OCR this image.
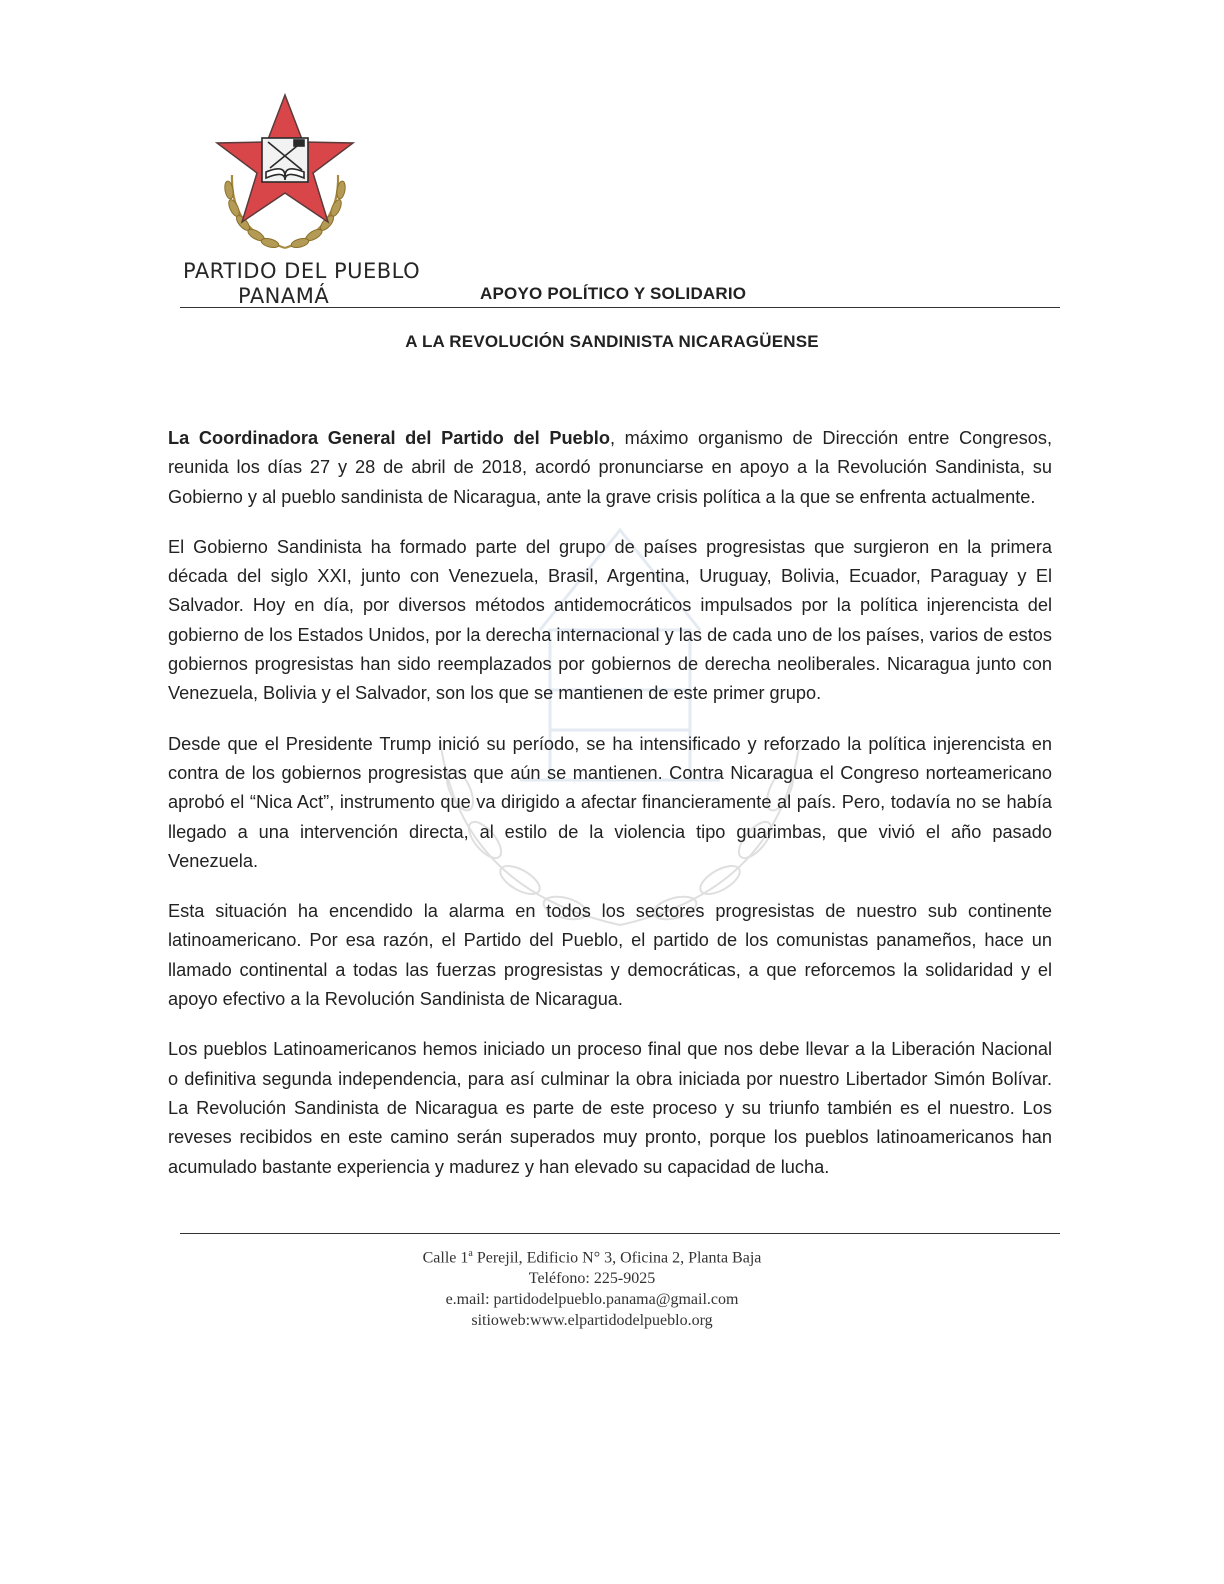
PARTIDO DEL PUEBLO
PANAMÁ	APOYO POLÍTICO Y SOLIDARIO
A LA REVOLUCIÓN SANDINISTA NICARAGÜENSE

La Coordinadora General del Partido del Pueblo, máximo organismo de Dirección entre Congresos, reunida los días 27 y 28 de abril de 2018, acordó pronunciarse en apoyo a la Revolución Sandinista, su Gobierno y al pueblo sandinista de Nicaragua, ante la grave crisis política a la que se enfrenta actualmente.

El Gobierno Sandinista ha formado parte del grupo de países progresistas que surgieron en la primera década del siglo XXI, junto con Venezuela, Brasil, Argentina, Uruguay, Bolivia, Ecuador, Paraguay y El Salvador. Hoy en día, por diversos métodos antidemocráticos impulsados por la política injerencista del gobierno de los Estados Unidos, por la derecha internacional y las de cada uno de los países, varios de estos gobiernos progresistas han sido reemplazados por gobiernos de derecha neoliberales. Nicaragua junto con Venezuela, Bolivia y el Salvador, son los que se mantienen de este primer grupo.

Desde que el Presidente Trump inició su período, se ha intensificado y reforzado la política injerencista en contra de los gobiernos progresistas que aún se mantienen. Contra Nicaragua el Congreso norteamericano aprobó el “Nica Act”, instrumento que va dirigido a afectar financieramente al país. Pero, todavía no se había llegado a una intervención directa, al estilo de la violencia tipo guarimbas, que vivió el año pasado Venezuela.

Esta situación ha encendido la alarma en todos los sectores progresistas de nuestro sub continente latinoamericano. Por esa razón, el Partido del Pueblo, el partido de los comunistas panameños, hace un llamado continental a todas las fuerzas progresistas y democráticas, a que reforcemos la solidaridad y el apoyo efectivo a la Revolución Sandinista de Nicaragua.

Los pueblos Latinoamericanos hemos iniciado un proceso final que nos debe llevar a la Liberación Nacional o definitiva segunda independencia, para así culminar la obra iniciada por nuestro Libertador Simón Bolívar. La Revolución Sandinista de Nicaragua es parte de este proceso y su triunfo también es el nuestro. Los reveses recibidos en este camino serán superados muy pronto, porque los pueblos latinoamericanos han acumulado bastante experiencia y madurez y han elevado su capacidad de lucha.

Calle 1$^a$ Perejil, Edificio N° 3, Oficina 2, Planta Baja
Teléfono: 225-9025
e.mail: partidodelpueblo.panama@gmail.com
sitioweb:www.elpartidodelpueblo.org
